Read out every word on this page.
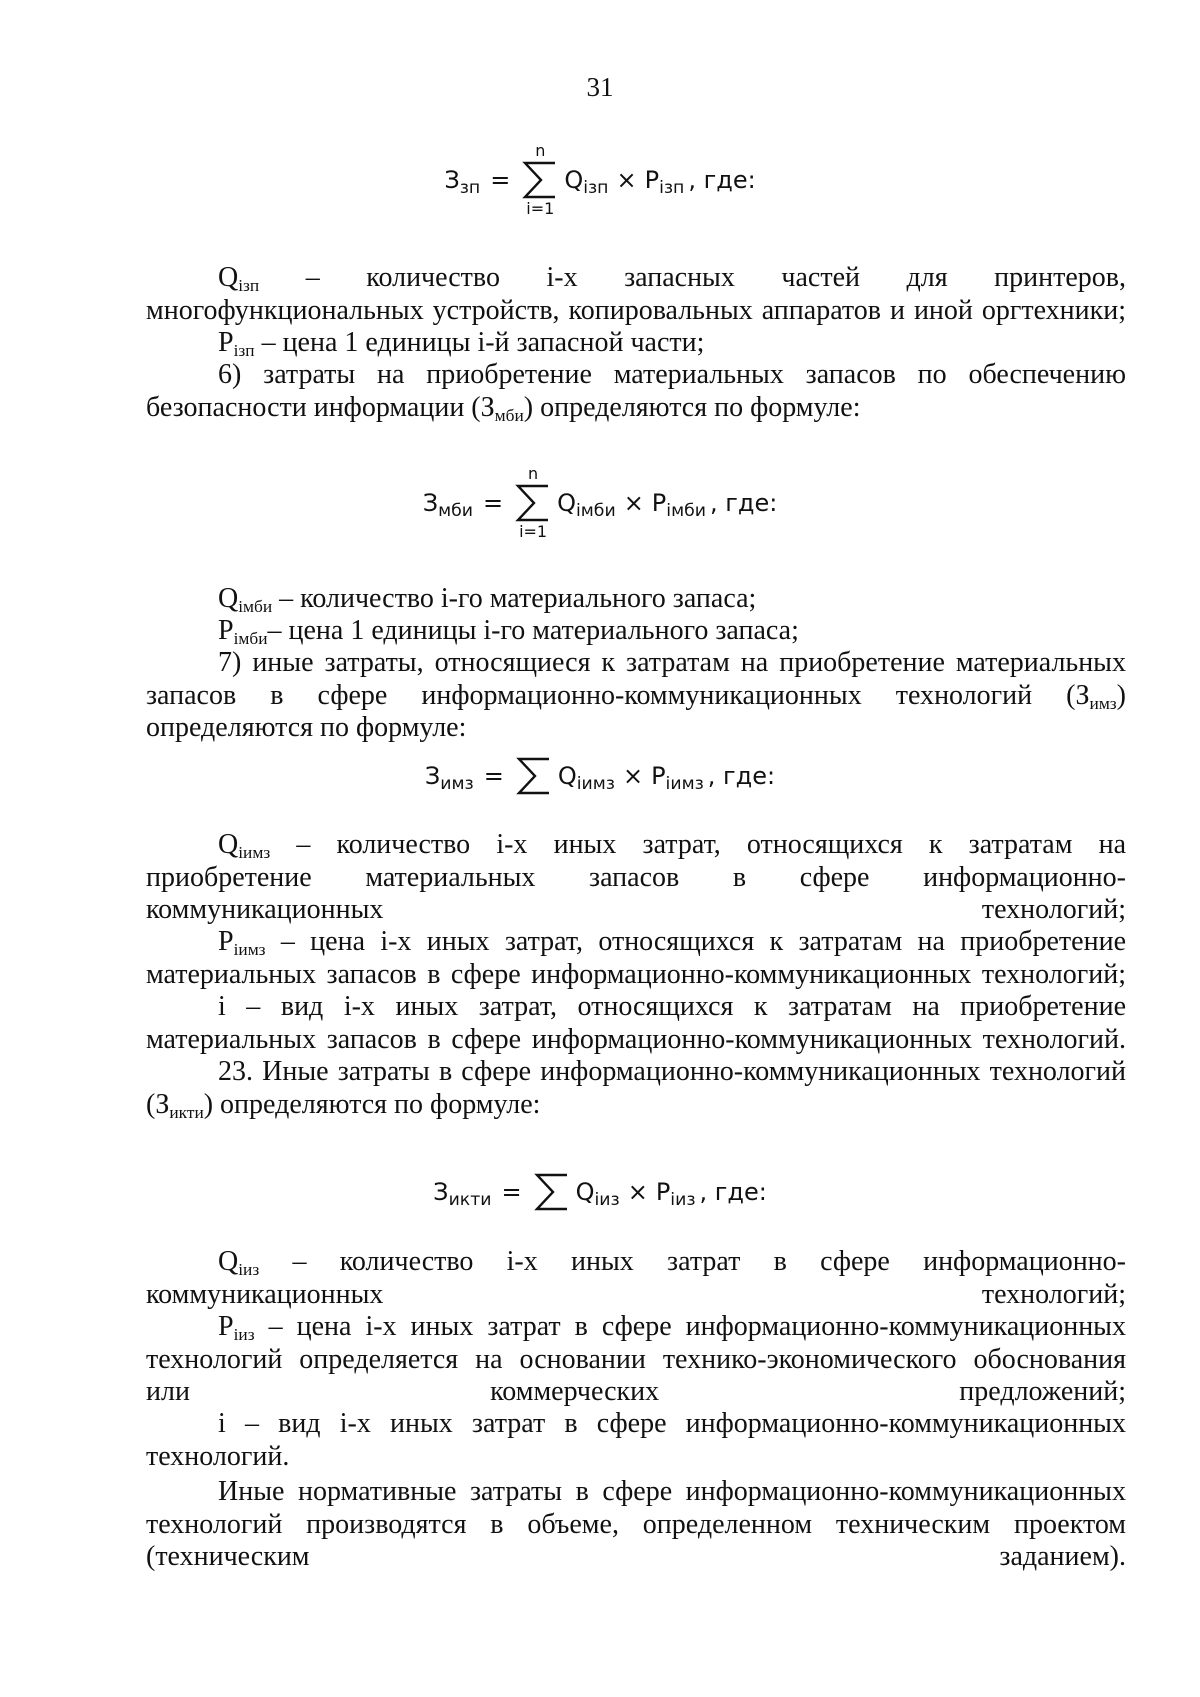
31
$З_{зп}$ =
n
i=1
$Q_{iзп} \times P_{iзп}$ , где:
$Q_{iзп}$ – количество i-х запасных частей для принтеров, многофункциональных устройств, копировальных аппаратов и иной оргтехники;
$P_{iзп}$ – цена 1 единицы i-й запасной части;
6) затраты на приобретение материальных запасов по обеспечению безопасности информации $(З_{мби})$ определяются по формуле:
$З_{мби}$ =
n
i=1
$Q_{iмби} \times P_{iмби}$ , где:
$Q_{iмби}$ – количество i-го материального запаса;
$P_{iмби}-$ цена 1 единицы i-го материального запаса;
7) иные затраты, относящиеся к затратам на приобретение материальных запасов в сфере информационно-коммуникационных технологий $(З_{имз})$ определяются по формуле:
$З_{имз} = Q_{iимз} \times P_{iимз}$ , где:
$Q_{iимз}$ – количество i-х иных затрат, относящихся к затратам на приобретение материальных запасов в сфере информационно-коммуникационных технологий;
$P_{iимз}$ – цена i-х иных затрат, относящихся к затратам на приобретение материальных запасов в сфере информационно-коммуникационных технологий;
i – вид i-х иных затрат, относящихся к затратам на приобретение материальных запасов в сфере информационно-коммуникационных технологий.
23. Иные затраты в сфере информационно-коммуникационных технологий $(З_{икти})$ определяются по формуле:
$З_{икти} = Q_{iиз} \times P_{iиз}$ , где:
$Q_{iиз}$ – количество i-х иных затрат в сфере информационно-коммуникационных технологий;
$P_{iиз}$ – цена i-х иных затрат в сфере информационно-коммуникационных технологий определяется на основании технико-экономического обоснования или коммерческих предложений;
i – вид i-х иных затрат в сфере информационно-коммуникационных технологий.
Иные нормативные затраты в сфере информационно-коммуникационных технологий производятся в объеме, определенном техническим проектом (техническим заданием).
